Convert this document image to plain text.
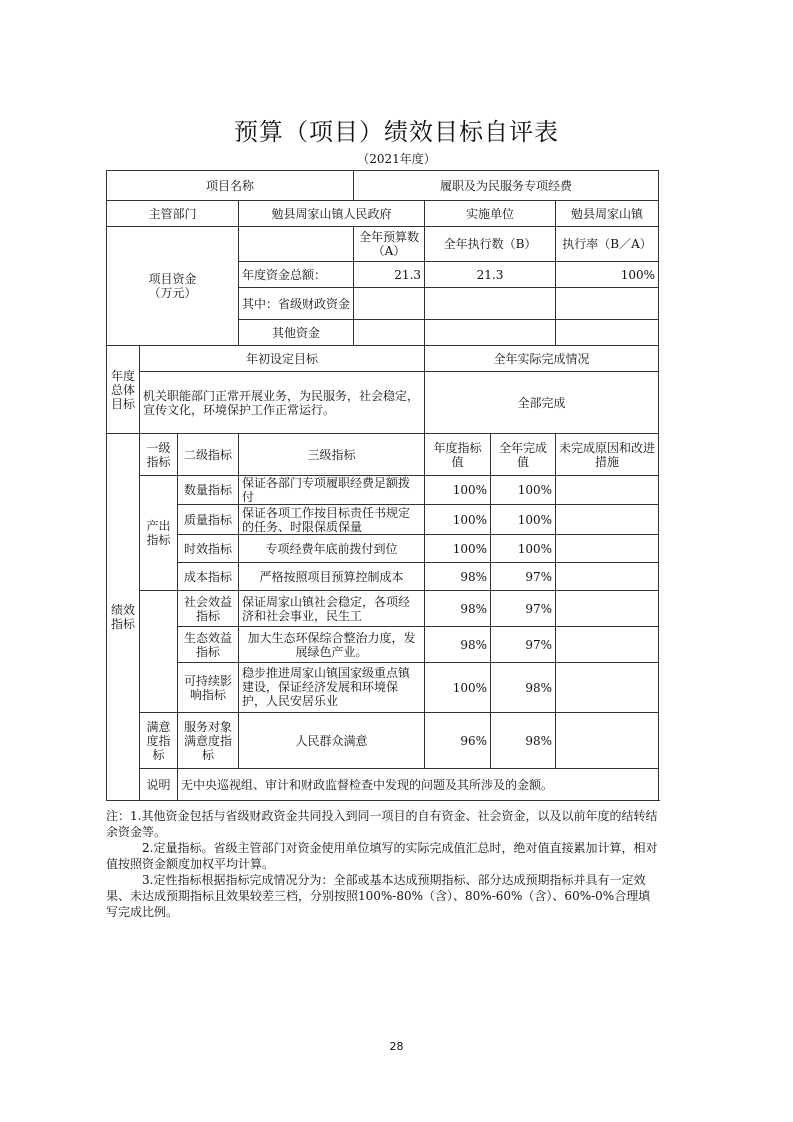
预算（项目）绩效目标自评表
（2021年度）
项目名称				履职及为民服务专项经费			
主管部门			勉县周家山镇人民政府		实施单位		勉县周家山镇

项目资金
（万元）				全年预算数（A）	全年执行数（B）		执行率（B／A）
			年度资金总额：	21.3	21.3		100%
			其中：省级财政资金				
			其他资金				
年度总体目标	年初设定目标				全年实际完成情况		
	机关职能部门正常开展业务，为民服务，社会稳定，宣传文化，环境保护工作正常运行。				全部完成		
绩效指标	一级指标	二级指标	三级指标		年度指标值	全年完成值	未完成原因和改进措施
	产出指标	数量指标	保证各部门专项履职经费足额拨付		100%	100%	
		质量指标	保证各项工作按目标责任书规定的任务、时限保质保量		100%	100%	
		时效指标	专项经费年底前拨付到位		100%	100%	
		成本指标	严格按照项目预算控制成本		98%	97%	
		社会效益指标	保证周家山镇社会稳定，各项经济和社会事业，民生工		98%	97%	
		生态效益指标	加大生态环保综合整治力度，发展绿色产业。		98%	97%	
		可持续影响指标	稳步推进周家山镇国家级重点镇建设，保证经济发展和环境保护，人民安居乐业		100%	98%	
	满意度指标	服务对象满意度指标	人民群众满意		96%	98%	
	说明	无中央巡视组、审计和财政监督检查中发现的问题及其所涉及的金额。					

注：1.其他资金包括与省级财政资金共同投入到同一项目的自有资金、社会资金，以及以前年度的结转结余资金等。

2.定量指标。省级主管部门对资金使用单位填写的实际完成值汇总时，绝对值直接累加计算，相对值按照资金额度加权平均计算。

3.定性指标根据指标完成情况分为：全部或基本达成预期指标、部分达成预期指标并具有一定效果、未达成预期指标且效果较差三档，分别按照100%-80%（含）、80%-60%（含）、60%-0%合理填写完成比例。

28
